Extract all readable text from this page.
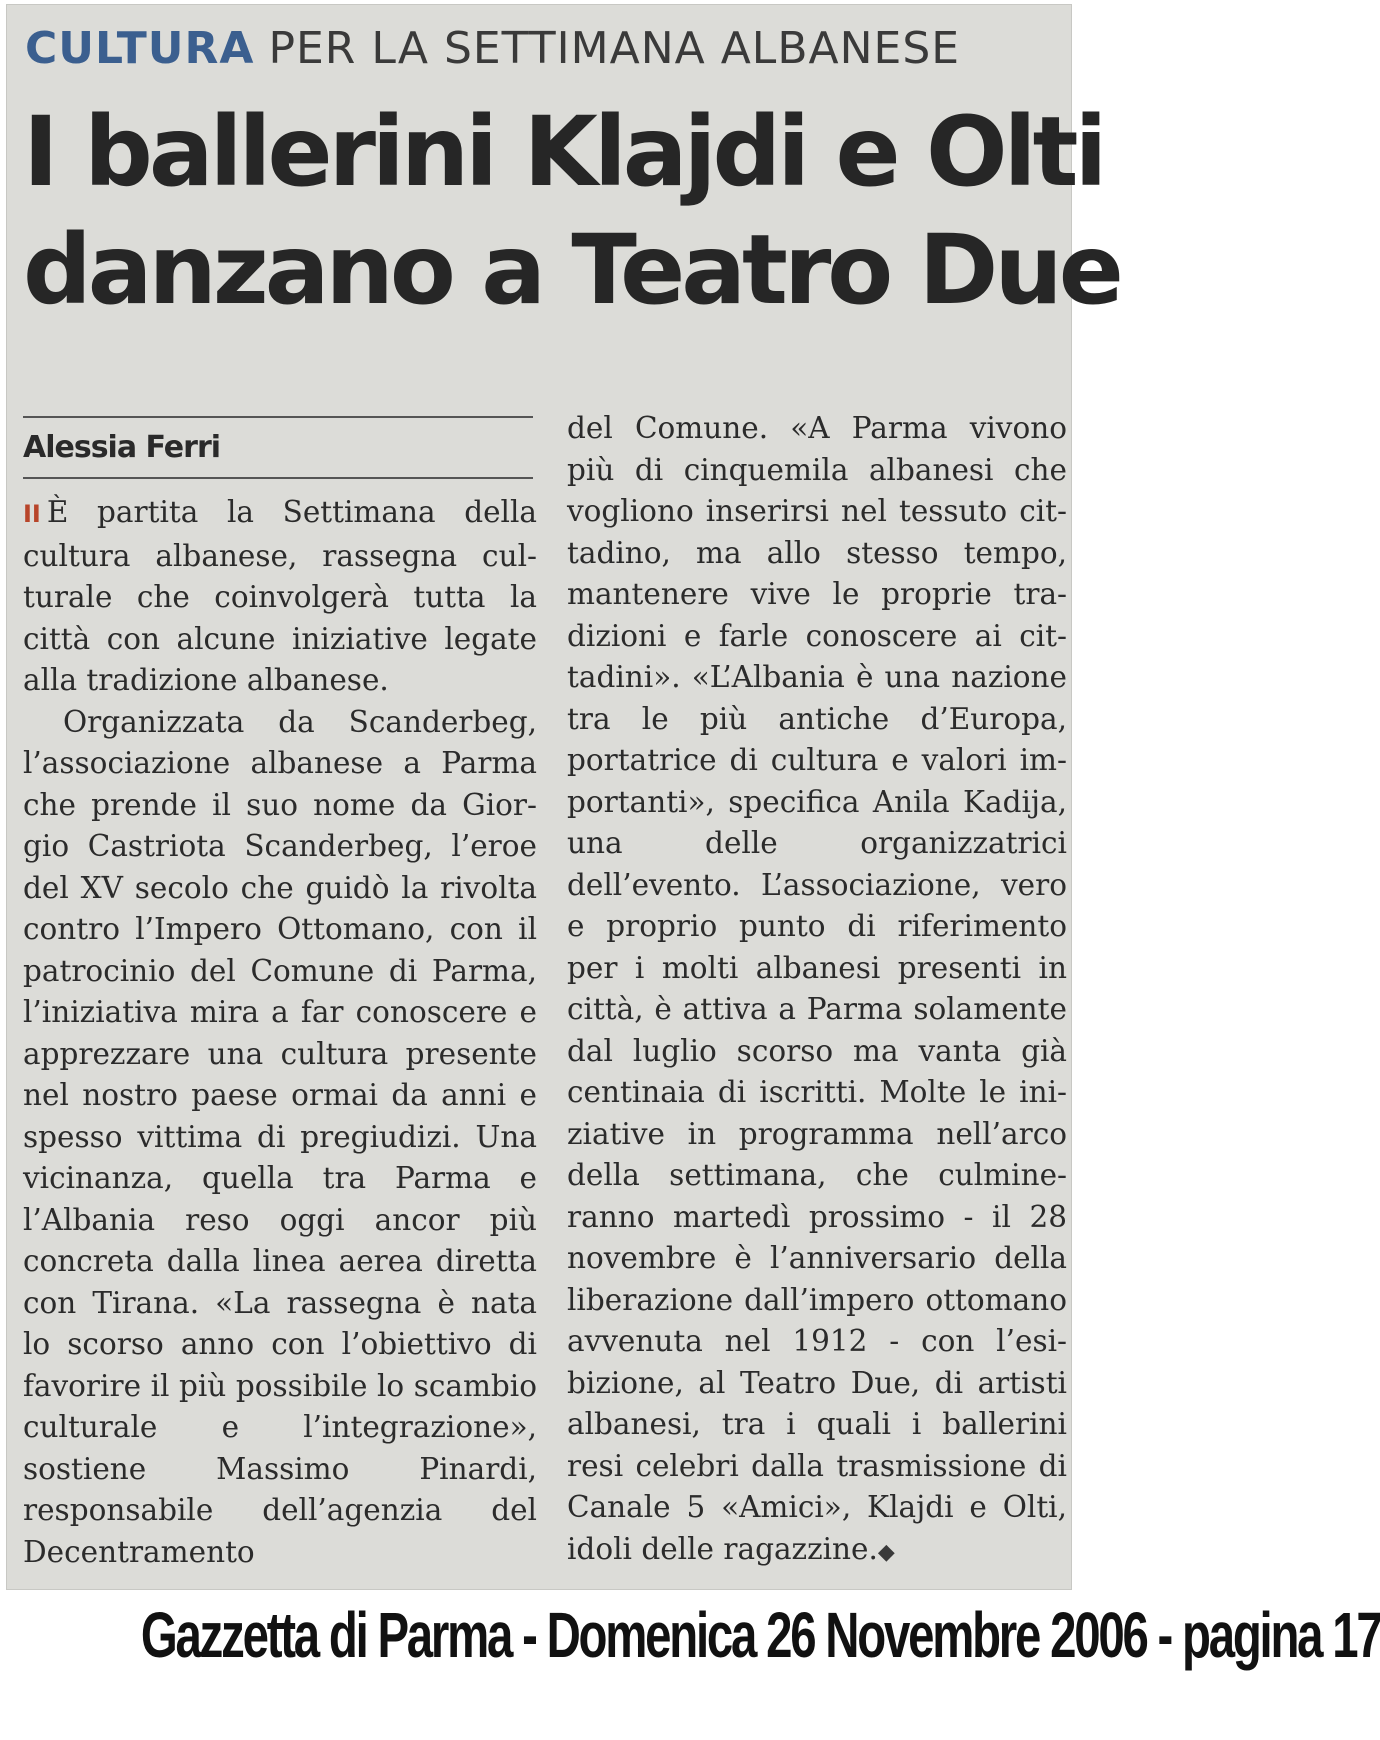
CULTURA PER LA SETTIMANA ALBANESE
I ballerini Klajdi e Olti
danzano a Teatro Due
Alessia Ferri

II È partita la Settimana della cultura albanese, rassegna culturale che coinvolgerà tutta la città con alcune iniziative legate alla tradizione albanese.

Organizzata da Scanderbeg, l’associazione albanese a Parma che prende il suo nome da Giorgio Castriota Scanderbeg, l’eroe del XV secolo che guidò la rivolta contro l’Impero Ottomano, con il patrocinio del Comune di Parma, l’iniziativa mira a far conoscere e apprezzare una cultura presente nel nostro paese ormai da anni e spesso vittima di pregiudizi. Una vicinanza, quella tra Parma e l’Albania reso oggi ancor più concreta dalla linea aerea diretta con Tirana. «La rassegna è nata lo scorso anno con l’obiettivo di favorire il più possibile lo scambio culturale e l’integrazione», sostiene Massimo Pinardi, responsabile dell’agenzia del Decentramento

del Comune. «A Parma vivono più di cinquemila albanesi che vogliono inserirsi nel tessuto cittadino, ma allo stesso tempo, mantenere vive le proprie tradizioni e farle conoscere ai cittadini». «L’Albania è una nazione tra le più antiche d’Europa, portatrice di cultura e valori importanti», specifica Anila Kadija, una delle organizzatrici dell’evento. L’associazione, vero e proprio punto di riferimento per i molti albanesi presenti in città, è attiva a Parma solamente dal luglio scorso ma vanta già centinaia di iscritti. Molte le iniziative in programma nell’arco della settimana, che culmineranno martedì prossimo - il 28 novembre è l’anniversario della liberazione dall’impero ottomano avvenuta nel 1912 - con l’esibizione, al Teatro Due, di artisti albanesi, tra i quali i ballerini resi celebri dalla trasmissione di Canale 5 «Amici», Klajdi e Olti, idoli delle ragazzine.◆

Gazzetta di Parma - Domenica 26 Novembre 2006 - pagina 17
